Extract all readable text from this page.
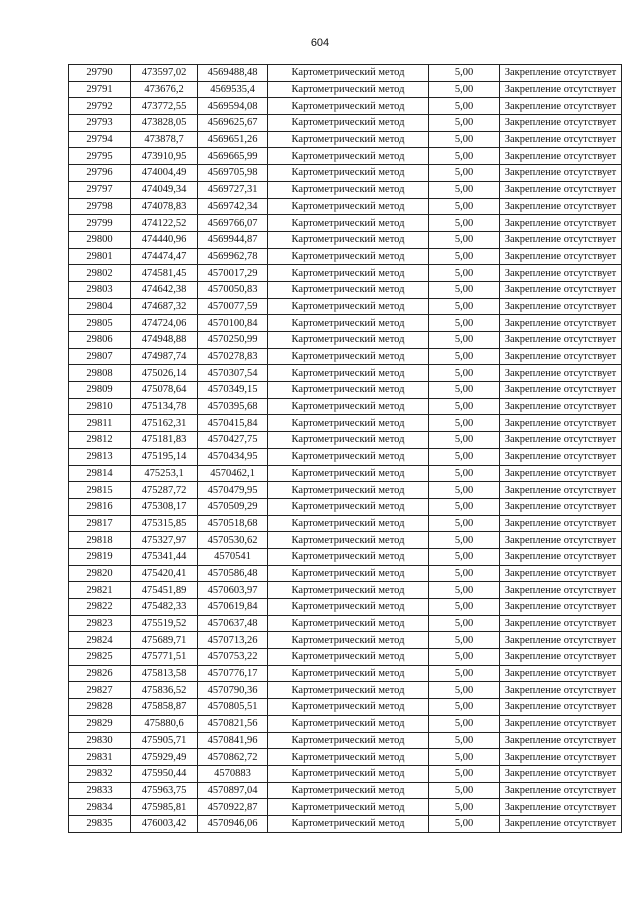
604
29790	473597,02	4569488,48	Картометрический метод	5,00	Закрепление отсутствует
29791	473676,2	4569535,4	Картометрический метод	5,00	Закрепление отсутствует
29792	473772,55	4569594,08	Картометрический метод	5,00	Закрепление отсутствует
29793	473828,05	4569625,67	Картометрический метод	5,00	Закрепление отсутствует
29794	473878,7	4569651,26	Картометрический метод	5,00	Закрепление отсутствует
29795	473910,95	4569665,99	Картометрический метод	5,00	Закрепление отсутствует
29796	474004,49	4569705,98	Картометрический метод	5,00	Закрепление отсутствует
29797	474049,34	4569727,31	Картометрический метод	5,00	Закрепление отсутствует
29798	474078,83	4569742,34	Картометрический метод	5,00	Закрепление отсутствует
29799	474122,52	4569766,07	Картометрический метод	5,00	Закрепление отсутствует
29800	474440,96	4569944,87	Картометрический метод	5,00	Закрепление отсутствует
29801	474474,47	4569962,78	Картометрический метод	5,00	Закрепление отсутствует
29802	474581,45	4570017,29	Картометрический метод	5,00	Закрепление отсутствует
29803	474642,38	4570050,83	Картометрический метод	5,00	Закрепление отсутствует
29804	474687,32	4570077,59	Картометрический метод	5,00	Закрепление отсутствует
29805	474724,06	4570100,84	Картометрический метод	5,00	Закрепление отсутствует
29806	474948,88	4570250,99	Картометрический метод	5,00	Закрепление отсутствует
29807	474987,74	4570278,83	Картометрический метод	5,00	Закрепление отсутствует
29808	475026,14	4570307,54	Картометрический метод	5,00	Закрепление отсутствует
29809	475078,64	4570349,15	Картометрический метод	5,00	Закрепление отсутствует
29810	475134,78	4570395,68	Картометрический метод	5,00	Закрепление отсутствует
29811	475162,31	4570415,84	Картометрический метод	5,00	Закрепление отсутствует
29812	475181,83	4570427,75	Картометрический метод	5,00	Закрепление отсутствует
29813	475195,14	4570434,95	Картометрический метод	5,00	Закрепление отсутствует
29814	475253,1	4570462,1	Картометрический метод	5,00	Закрепление отсутствует
29815	475287,72	4570479,95	Картометрический метод	5,00	Закрепление отсутствует
29816	475308,17	4570509,29	Картометрический метод	5,00	Закрепление отсутствует
29817	475315,85	4570518,68	Картометрический метод	5,00	Закрепление отсутствует
29818	475327,97	4570530,62	Картометрический метод	5,00	Закрепление отсутствует
29819	475341,44	4570541	Картометрический метод	5,00	Закрепление отсутствует
29820	475420,41	4570586,48	Картометрический метод	5,00	Закрепление отсутствует
29821	475451,89	4570603,97	Картометрический метод	5,00	Закрепление отсутствует
29822	475482,33	4570619,84	Картометрический метод	5,00	Закрепление отсутствует
29823	475519,52	4570637,48	Картометрический метод	5,00	Закрепление отсутствует
29824	475689,71	4570713,26	Картометрический метод	5,00	Закрепление отсутствует
29825	475771,51	4570753,22	Картометрический метод	5,00	Закрепление отсутствует
29826	475813,58	4570776,17	Картометрический метод	5,00	Закрепление отсутствует
29827	475836,52	4570790,36	Картометрический метод	5,00	Закрепление отсутствует
29828	475858,87	4570805,51	Картометрический метод	5,00	Закрепление отсутствует
29829	475880,6	4570821,56	Картометрический метод	5,00	Закрепление отсутствует
29830	475905,71	4570841,96	Картометрический метод	5,00	Закрепление отсутствует
29831	475929,49	4570862,72	Картометрический метод	5,00	Закрепление отсутствует
29832	475950,44	4570883	Картометрический метод	5,00	Закрепление отсутствует
29833	475963,75	4570897,04	Картометрический метод	5,00	Закрепление отсутствует
29834	475985,81	4570922,87	Картометрический метод	5,00	Закрепление отсутствует
29835	476003,42	4570946,06	Картометрический метод	5,00	Закрепление отсутствует
